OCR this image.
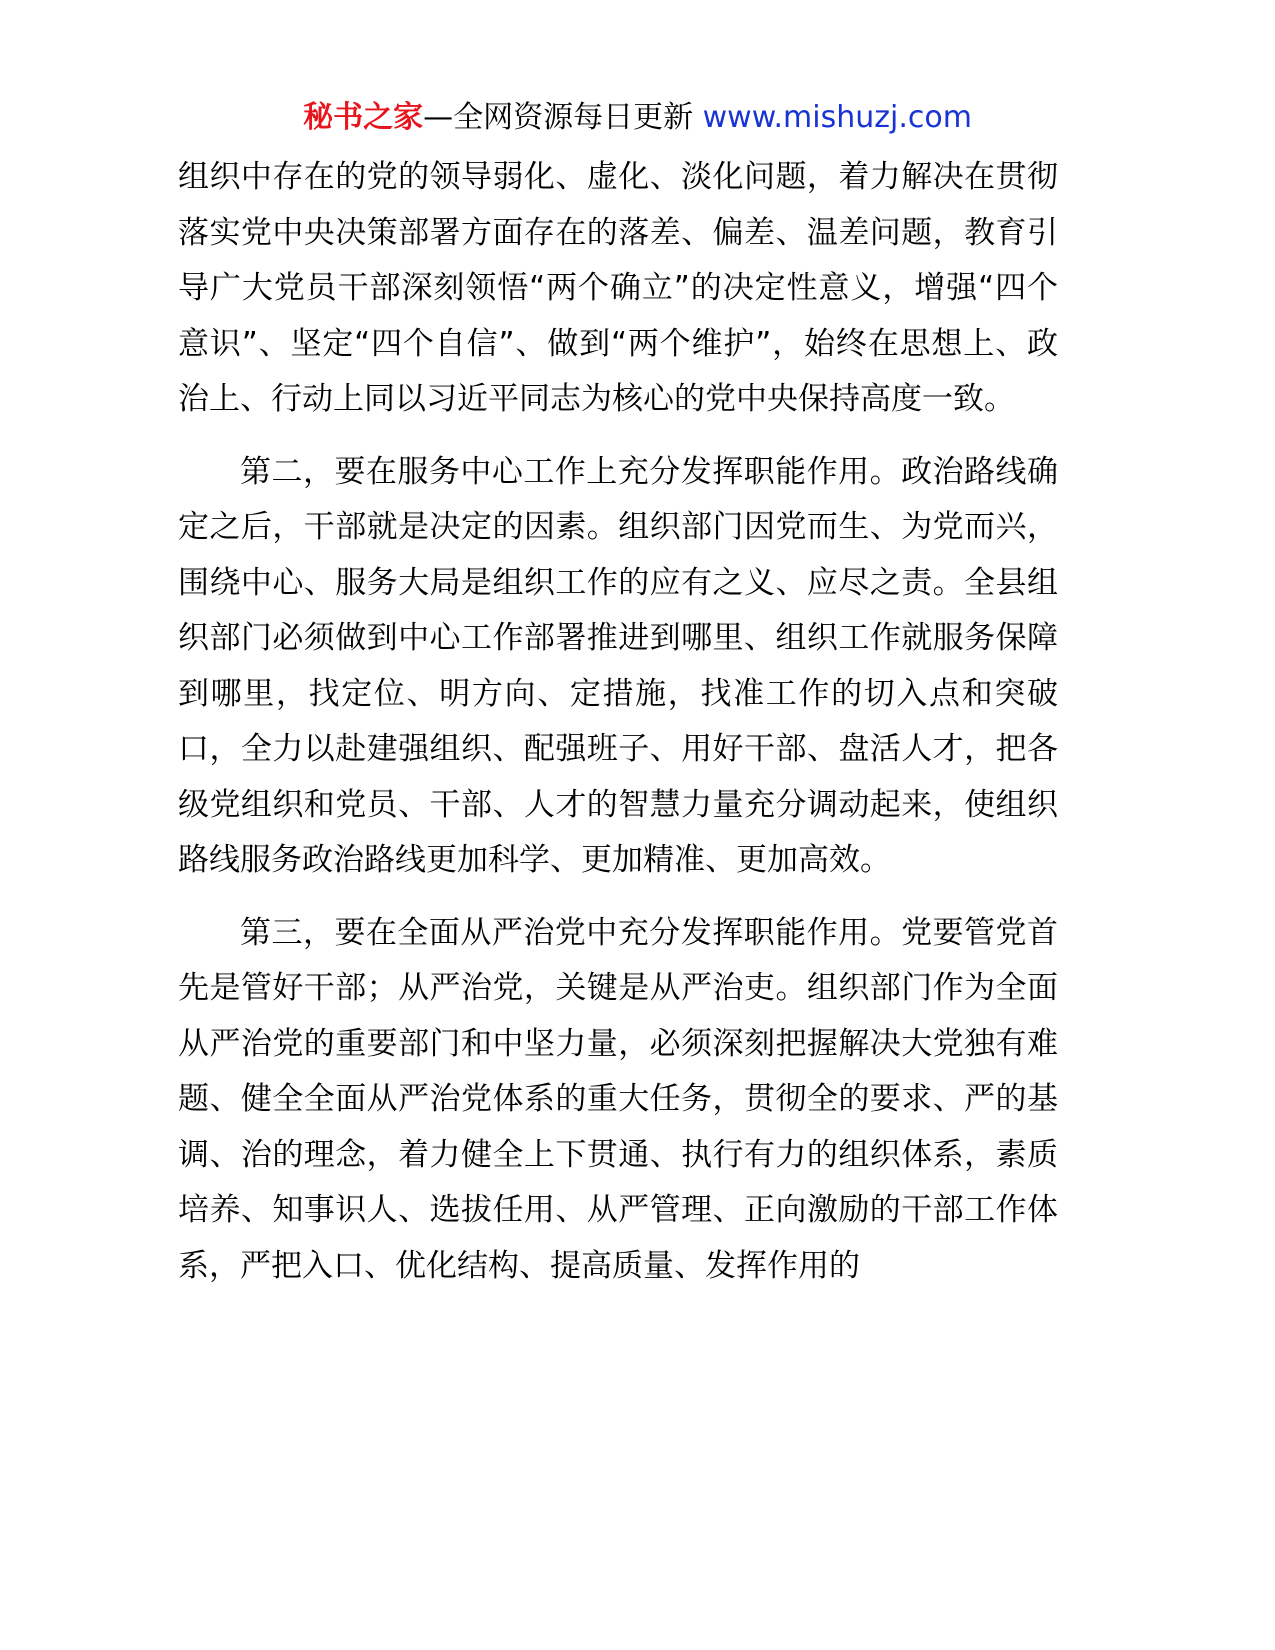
秘书之家—全网资源每日更新 www.mishuzj.com

组织中存在的党的领导弱化、虚化、淡化问题，着力解决在贯彻落实党中央决策部署方面存在的落差、偏差、温差问题，教育引导广大党员干部深刻领悟“两个确立”的决定性意义，增强“四个意识”、坚定“四个自信”、做到“两个维护”，始终在思想上、政治上、行动上同以习近平同志为核心的党中央保持高度一致。

第二，要在服务中心工作上充分发挥职能作用。政治路线确定之后，干部就是决定的因素。组织部门因党而生、为党而兴，围绕中心、服务大局是组织工作的应有之义、应尽之责。全县组织部门必须做到中心工作部署推进到哪里、组织工作就服务保障到哪里，找定位、明方向、定措施，找准工作的切入点和突破口，全力以赴建强组织、配强班子、用好干部、盘活人才，把各级党组织和党员、干部、人才的智慧力量充分调动起来，使组织路线服务政治路线更加科学、更加精准、更加高效。

第三，要在全面从严治党中充分发挥职能作用。党要管党首先是管好干部；从严治党，关键是从严治吏。组织部门作为全面从严治党的重要部门和中坚力量，必须深刻把握解决大党独有难题、健全全面从严治党体系的重大任务，贯彻全的要求、严的基调、治的理念，着力健全上下贯通、执行有力的组织体系，素质培养、知事识人、选拔任用、从严管理、正向激励的干部工作体系，严把入口、优化结构、提高质量、发挥作用的
